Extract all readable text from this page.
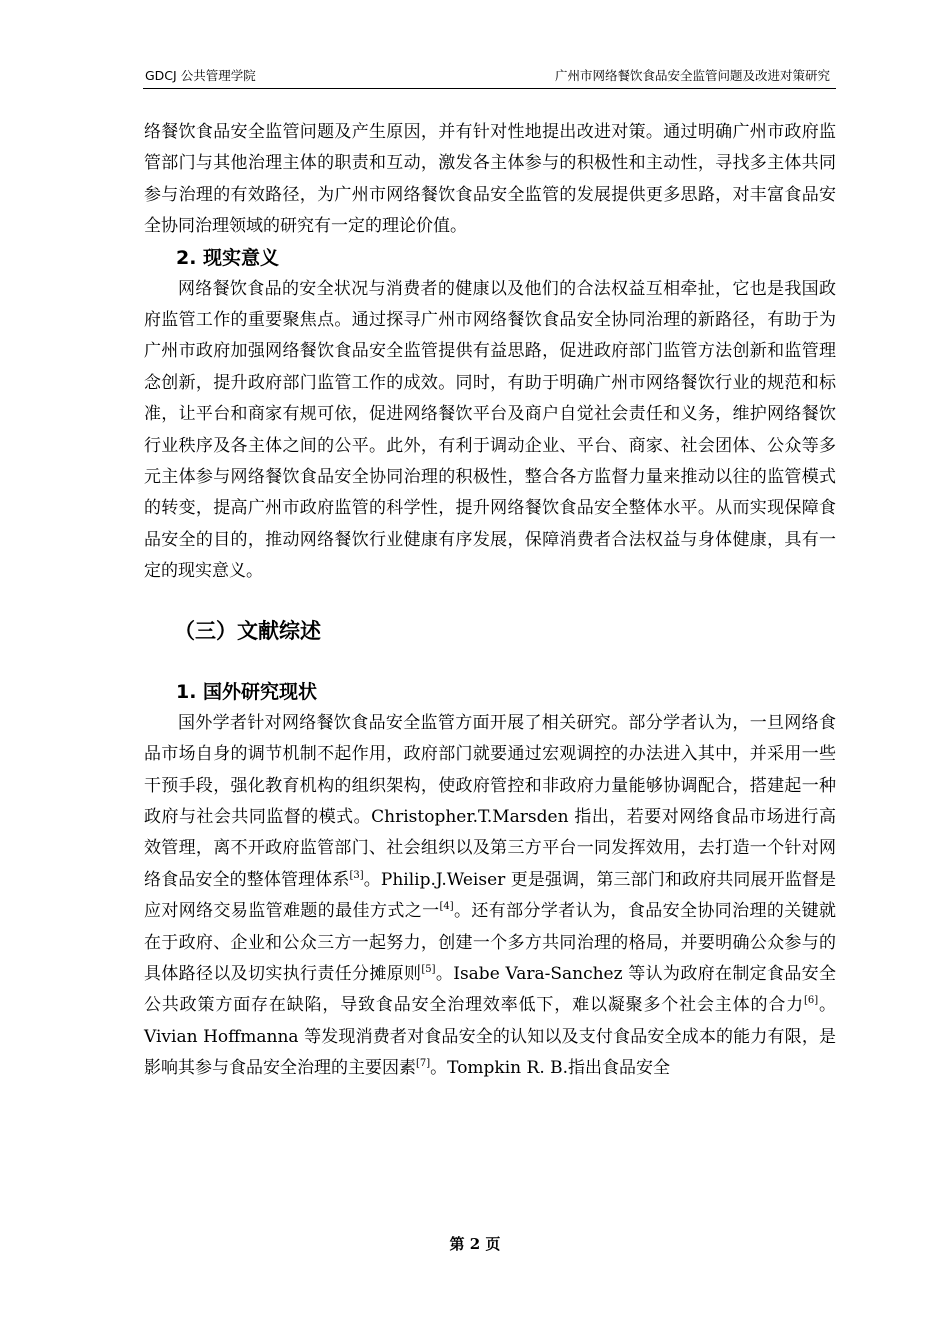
GDCJ 公共管理学院	广州市网络餐饮食品安全监管问题及改进对策研究

络餐饮食品安全监管问题及产生原因，并有针对性地提出改进对策。通过明确广州市政府监管部门与其他治理主体的职责和互动，激发各主体参与的积极性和主动性，寻找多主体共同参与治理的有效路径，为广州市网络餐饮食品安全监管的发展提供更多思路，对丰富食品安全协同治理领域的研究有一定的理论价值。

2. 现实意义

网络餐饮食品的安全状况与消费者的健康以及他们的合法权益互相牵扯，它也是我国政府监管工作的重要聚焦点。通过探寻广州市网络餐饮食品安全协同治理的新路径，有助于为广州市政府加强网络餐饮食品安全监管提供有益思路，促进政府部门监管方法创新和监管理念创新，提升政府部门监管工作的成效。同时，有助于明确广州市网络餐饮行业的规范和标准，让平台和商家有规可依，促进网络餐饮平台及商户自觉社会责任和义务，维护网络餐饮行业秩序及各主体之间的公平。此外，有利于调动企业、平台、商家、社会团体、公众等多元主体参与网络餐饮食品安全协同治理的积极性，整合各方监督力量来推动以往的监管模式的转变，提高广州市政府监管的科学性，提升网络餐饮食品安全整体水平。从而实现保障食品安全的目的，推动网络餐饮行业健康有序发展，保障消费者合法权益与身体健康，具有一定的现实意义。

（三）文献综述
1. 国外研究现状

国外学者针对网络餐饮食品安全监管方面开展了相关研究。部分学者认为，一旦网络食品市场自身的调节机制不起作用，政府部门就要通过宏观调控的办法进入其中，并采用一些干预手段，强化教育机构的组织架构，使政府管控和非政府力量能够协调配合，搭建起一种政府与社会共同监督的模式。Christopher.T.Marsden 指出，若要对网络食品市场进行高效管理，离不开政府监管部门、社会组织以及第三方平台一同发挥效用，去打造一个针对网络食品安全的整体管理体系[3]。Philip.J.Weiser 更是强调，第三部门和政府共同展开监督是应对网络交易监管难题的最佳方式之一[4]。还有部分学者认为，食品安全协同治理的关键就在于政府、企业和公众三方一起努力，创建一个多方共同治理的格局，并要明确公众参与的具体路径以及切实执行责任分摊原则[5]。Isabe Vara-Sanchez 等认为政府在制定食品安全公共政策方面存在缺陷，导致食品安全治理效率低下，难以凝聚多个社会主体的合力[6]。Vivian Hoffmanna 等发现消费者对食品安全的认知以及支付食品安全成本的能力有限，是影响其参与食品安全治理的主要因素[7]。Tompkin R. B.指出食品安全

第 2 页
